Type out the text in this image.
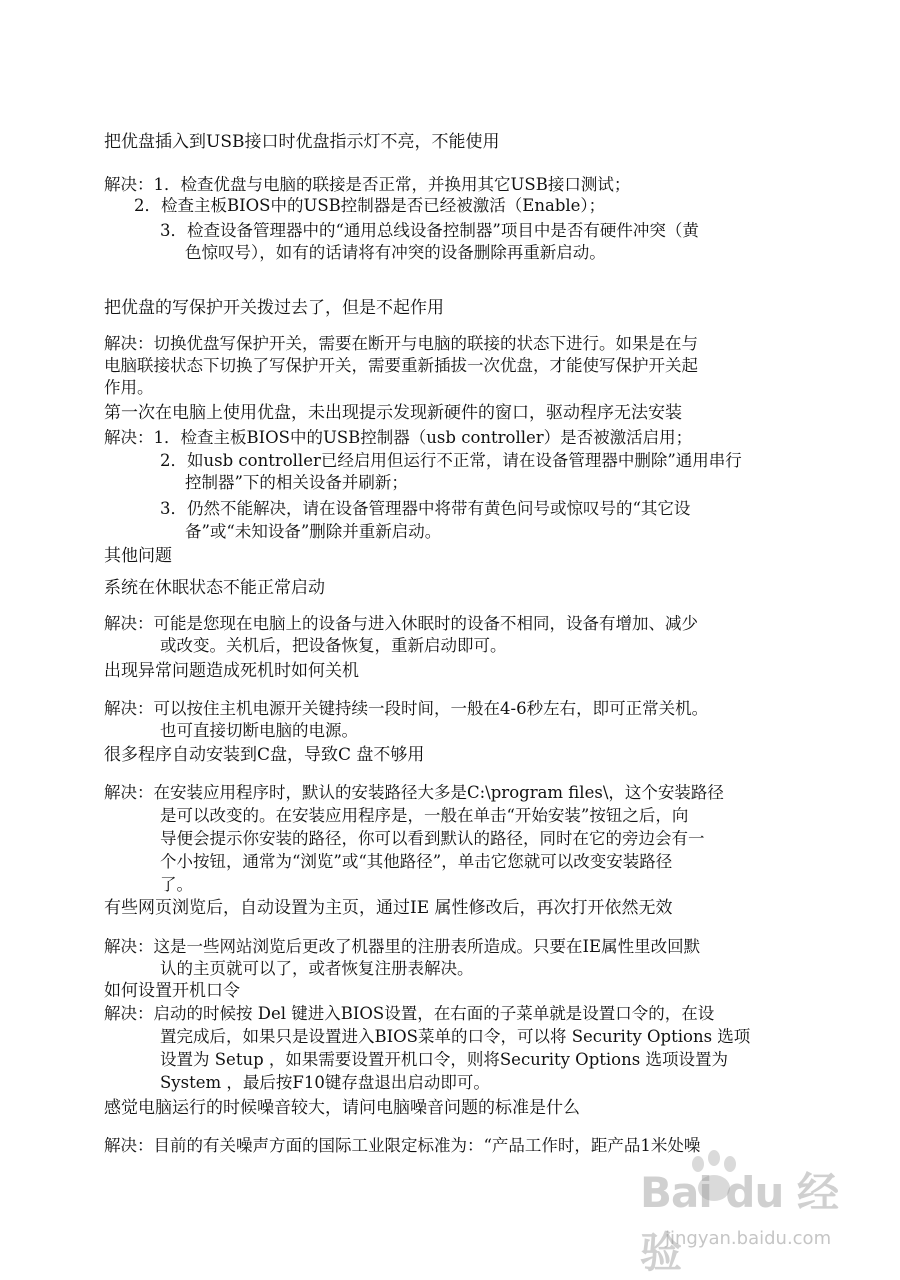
把优盘插入到USB接口时优盘指示灯不亮，不能使用
解决：1．检查优盘与电脑的联接是否正常，并换用其它USB接口测试；
2．检查主板BIOS中的USB控制器是否已经被激活（Enable）；
3．检查设备管理器中的“通用总线设备控制器”项目中是否有硬件冲突（黄
色惊叹号），如有的话请将有冲突的设备删除再重新启动。
把优盘的写保护开关拨过去了，但是不起作用
解决：切换优盘写保护开关，需要在断开与电脑的联接的状态下进行。如果是在与
电脑联接状态下切换了写保护开关，需要重新插拔一次优盘，才能使写保护开关起
作用。
第一次在电脑上使用优盘，未出现提示发现新硬件的窗口，驱动程序无法安装
解决：1．检查主板BIOS中的USB控制器（usb controller）是否被激活启用；
2．如usb controller已经启用但运行不正常，请在设备管理器中删除”通用串行
控制器”下的相关设备并刷新；
3．仍然不能解决，请在设备管理器中将带有黄色问号或惊叹号的“其它设
备”或“未知设备”删除并重新启动。
其他问题
系统在休眠状态不能正常启动
解决：可能是您现在电脑上的设备与进入休眠时的设备不相同，设备有增加、减少
或改变。关机后，把设备恢复，重新启动即可。
出现异常问题造成死机时如何关机
解决：可以按住主机电源开关键持续一段时间，一般在4-6秒左右，即可正常关机。
也可直接切断电脑的电源。
很多程序自动安装到C盘，导致C 盘不够用
解决：在安装应用程序时，默认的安装路径大多是C:\program files\，这个安装路径
是可以改变的。在安装应用程序是，一般在单击“开始安装”按钮之后，向
导便会提示你安装的路径，你可以看到默认的路径，同时在它的旁边会有一
个小按钮，通常为“浏览”或“其他路径”，单击它您就可以改变安装路径
了。
有些网页浏览后，自动设置为主页，通过IE 属性修改后，再次打开依然无效
解决：这是一些网站浏览后更改了机器里的注册表所造成。只要在IE属性里改回默
认的主页就可以了，或者恢复注册表解决。
如何设置开机口令
解决：启动的时候按 Del 键进入BIOS设置，在右面的子菜单就是设置口令的，在设
置完成后，如果只是设置进入BIOS菜单的口令，可以将 Security Options 选项
设置为 Setup ，如果需要设置开机口令，则将Security Options 选项设置为
System ，最后按F10键存盘退出启动即可。
感觉电脑运行的时候噪音较大，请问电脑噪音问题的标准是什么
解决：目前的有关噪声方面的国际工业限定标准为：“产品工作时，距产品1米处噪
Bai du 经验
jingyan.baidu.com
